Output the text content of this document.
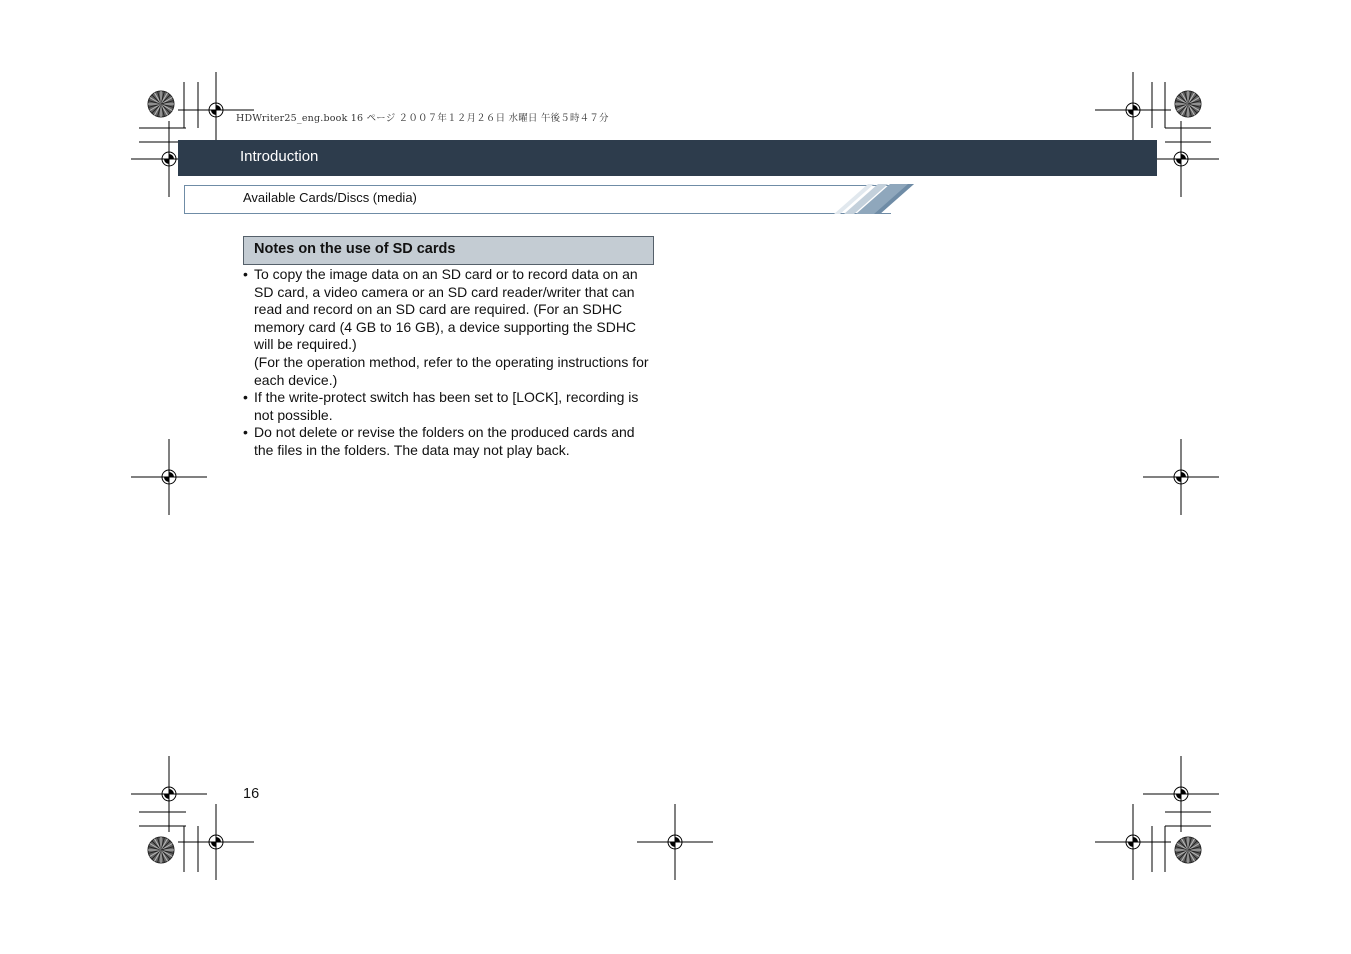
HDWriter25_eng.book 16 ページ ２００７年１２月２６日 水曜日 午後５時４７分
Introduction
Available Cards/Discs (media)
Notes on the use of SD cards

• To copy the image data on an SD card or to record data on an SD card, a video camera or an SD card reader/writer that can read and record on an SD card are required. (For an SDHC memory card (4 GB to 16 GB), a device supporting the SDHC will be required.)

(For the operation method, refer to the operating instructions for each device.)

• If the write-protect switch has been set to [LOCK], recording is not possible.

• Do not delete or revise the folders on the produced cards and the files in the folders. The data may not play back.

16
